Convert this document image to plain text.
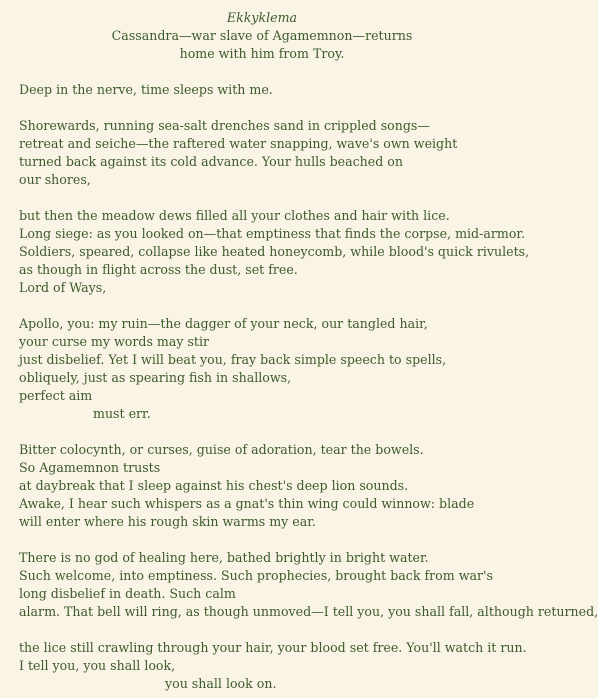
Ekkyklema
Cassandra—war slave of Agamemnon—returns
home with him from Troy.
Deep in the nerve, time sleeps with me.
Shorewards, running sea-salt drenches sand in crippled songs—
retreat and seiche—the raftered water snapping, wave's own weight
turned back against its cold advance. Your hulls beached on
our shores,
but then the meadow dews filled all your clothes and hair with lice.
Long siege: as you looked on—that emptiness that finds the corpse, mid-armor.
Soldiers, speared, collapse like heated honeycomb, while blood's quick rivulets,
as though in flight across the dust, set free.
Lord of Ways,
Apollo, you: my ruin—the dagger of your neck, our tangled hair,
your curse my words may stir
just disbelief. Yet I will beat you, fray back simple speech to spells,
obliquely, just as spearing fish in shallows,
perfect aim
must err.
Bitter colocynth, or curses, guise of adoration, tear the bowels.
So Agamemnon trusts
at daybreak that I sleep against his chest's deep lion sounds.
Awake, I hear such whispers as a gnat's thin wing could winnow: blade
will enter where his rough skin warms my ear.
There is no god of healing here, bathed brightly in bright water.
Such welcome, into emptiness. Such prophecies, brought back from war's
long disbelief in death. Such calm
alarm. That bell will ring, as though unmoved—I tell you, you shall fall, although returned,
the lice still crawling through your hair, your blood set free. You'll watch it run.
I tell you, you shall look,
you shall look on.
